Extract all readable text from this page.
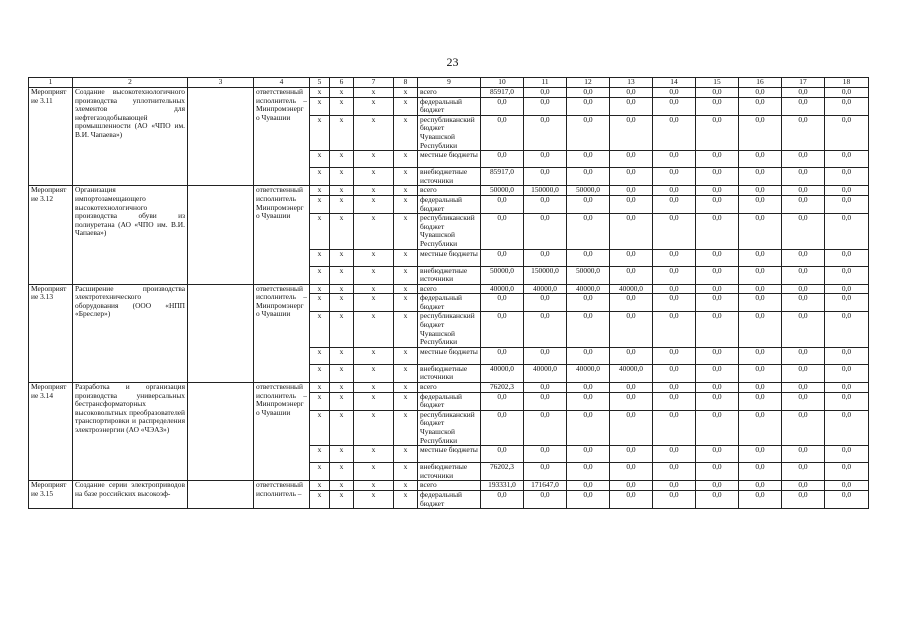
23
1	2	3	4	5	6	7	8	9	10	11	12	13	14	15	16	17	18
Мероприятие 3.11	Создание высокотехнологичного производства уплотнительных элементов для нефтегазодобывающей промышленности (АО «ЧПО им. В.И. Чапаева»)		ответственный исполнитель – Минпромэнерго Чувашии	х	х	х	х	всего	85917,0	0,0	0,0	0,0	0,0	0,0	0,0	0,0	0,0
				х	х	х	х	федеральный бюджет	0,0	0,0	0,0	0,0	0,0	0,0	0,0	0,0	0,0
				х	х	х	х	республиканский бюджет Чувашской Республики	0,0	0,0	0,0	0,0	0,0	0,0	0,0	0,0	0,0
				х	х	х	х	местные бюджеты	0,0	0,0	0,0	0,0	0,0	0,0	0,0	0,0	0,0
				х	х	х	х	внебюджетные источники	85917,0	0,0	0,0	0,0	0,0	0,0	0,0	0,0	0,0
Мероприятие 3.12	Организация импортозамещающего высокотехнологичного производства обуви из полиуретана (АО «ЧПО им. В.И. Чапаева»)		ответственный исполнитель Минпромэнерго Чувашии	х	х	х	х	всего	50000,0	150000,0	50000,0	0,0	0,0	0,0	0,0	0,0	0,0
				х	х	х	х	федеральный бюджет	0,0	0,0	0,0	0,0	0,0	0,0	0,0	0,0	0,0
				х	х	х	х	республиканский бюджет Чувашской Республики	0,0	0,0	0,0	0,0	0,0	0,0	0,0	0,0	0,0
				х	х	х	х	местные бюджеты	0,0	0,0	0,0	0,0	0,0	0,0	0,0	0,0	0,0
				х	х	х	х	внебюджетные источники	50000,0	150000,0	50000,0	0,0	0,0	0,0	0,0	0,0	0,0
Мероприятие 3.13	Расширение производства электротехнического оборудования (ООО «НПП «Бреслер»)		ответственный исполнитель – Минпромэнерго Чувашии	х	х	х	х	всего	40000,0	40000,0	40000,0	40000,0	0,0	0,0	0,0	0,0	0,0
				х	х	х	х	федеральный бюджет	0,0	0,0	0,0	0,0	0,0	0,0	0,0	0,0	0,0
				х	х	х	х	республиканский бюджет Чувашской Республики	0,0	0,0	0,0	0,0	0,0	0,0	0,0	0,0	0,0
				х	х	х	х	местные бюджеты	0,0	0,0	0,0	0,0	0,0	0,0	0,0	0,0	0,0
				х	х	х	х	внебюджетные источники	40000,0	40000,0	40000,0	40000,0	0,0	0,0	0,0	0,0	0,0
Мероприятие 3.14	Разработка и организация производства универсальных бестрансформаторных высоковольтных преобразователей транспортировки и распределения электроэнергии (АО «ЧЭАЗ»)		ответственный исполнитель – Минпромэнерго Чувашии	х	х	х	х	всего	76202,3	0,0	0,0	0,0	0,0	0,0	0,0	0,0	0,0
				х	х	х	х	федеральный бюджет	0,0	0,0	0,0	0,0	0,0	0,0	0,0	0,0	0,0
				х	х	х	х	республиканский бюджет Чувашской Республики	0,0	0,0	0,0	0,0	0,0	0,0	0,0	0,0	0,0
				х	х	х	х	местные бюджеты	0,0	0,0	0,0	0,0	0,0	0,0	0,0	0,0	0,0
				х	х	х	х	внебюджетные источники	76202,3	0,0	0,0	0,0	0,0	0,0	0,0	0,0	0,0
Мероприятие 3.15	Создание серии электроприводов на базе российских высокоэф-		ответственный исполнитель –	х	х	х	х	всего	193331,0	171647,0	0,0	0,0	0,0	0,0	0,0	0,0	0,0
				х	х	х	х	федеральный бюджет	0,0	0,0	0,0	0,0	0,0	0,0	0,0	0,0	0,0
